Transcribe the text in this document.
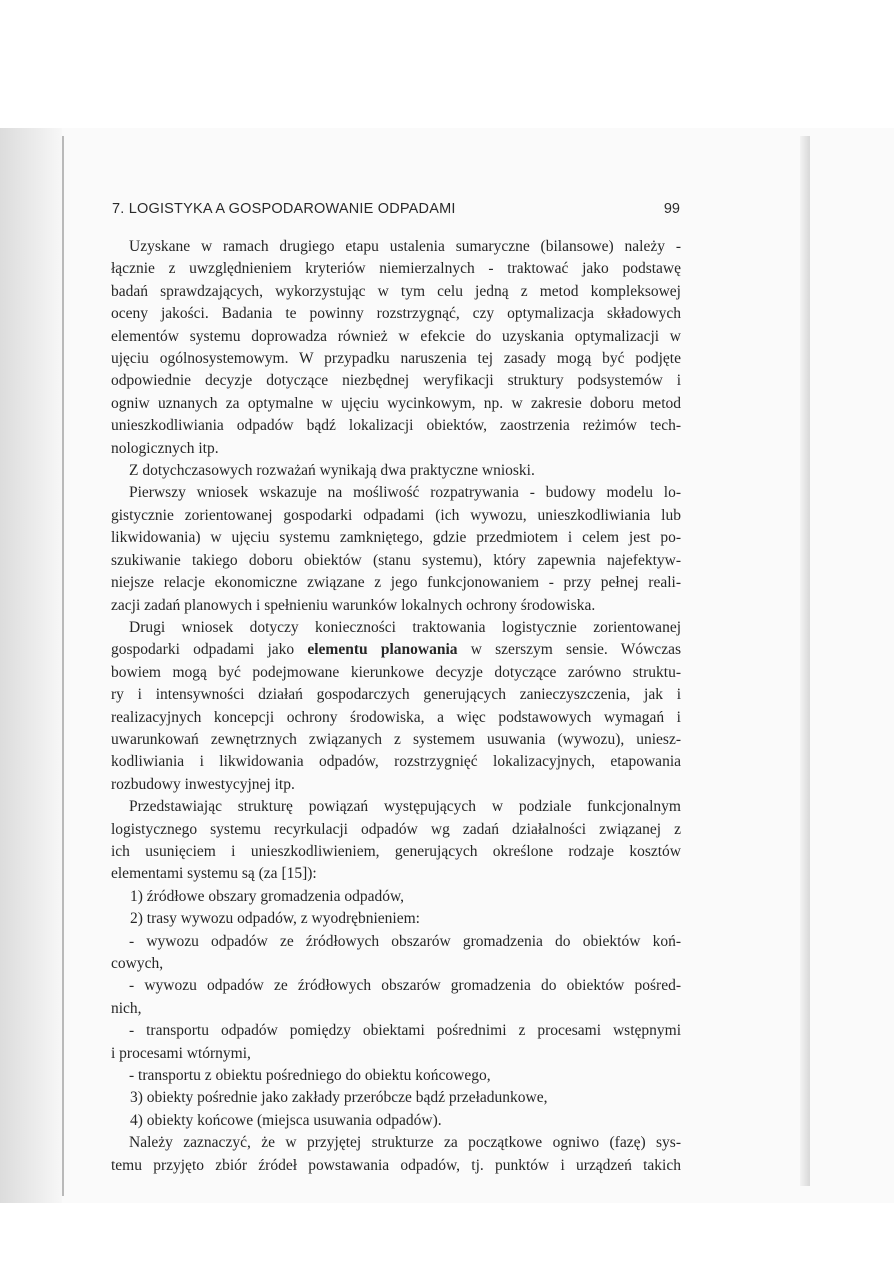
7. LOGISTYKA A GOSPODAROWANIE ODPADAMI	99
Uzyskane w ramach drugiego etapu ustalenia sumaryczne (bilansowe) należy -
łącznie z uwzględnieniem kryteriów niemierzalnych - traktować jako podstawę
badań sprawdzających, wykorzystując w tym celu jedną z metod kompleksowej
oceny jakości. Badania te powinny rozstrzygnąć, czy optymalizacja składowych
elementów systemu doprowadza również w efekcie do uzyskania optymalizacji w
ujęciu ogólnosystemowym. W przypadku naruszenia tej zasady mogą być podjęte
odpowiednie decyzje dotyczące niezbędnej weryfikacji struktury podsystemów i
ogniw uznanych za optymalne w ujęciu wycinkowym, np. w zakresie doboru metod
unieszkodliwiania odpadów bądź lokalizacji obiektów, zaostrzenia reżimów tech-
nologicznych itp.
Z dotychczasowych rozważań wynikają dwa praktyczne wnioski.
Pierwszy wniosek wskazuje na mośliwość rozpatrywania - budowy modelu lo-
gistycznie zorientowanej gospodarki odpadami (ich wywozu, unieszkodliwiania lub
likwidowania) w ujęciu systemu zamkniętego, gdzie przedmiotem i celem jest po-
szukiwanie takiego doboru obiektów (stanu systemu), który zapewnia najefektyw-
niejsze relacje ekonomiczne związane z jego funkcjonowaniem - przy pełnej reali-
zacji zadań planowych i spełnieniu warunków lokalnych ochrony środowiska.
Drugi wniosek dotyczy konieczności traktowania logistycznie zorientowanej
gospodarki odpadami jako elementu planowania w szerszym sensie. Wówczas
bowiem mogą być podejmowane kierunkowe decyzje dotyczące zarówno struktu-
ry i intensywności działań gospodarczych generujących zanieczyszczenia, jak i
realizacyjnych koncepcji ochrony środowiska, a więc podstawowych wymagań i
uwarunkowań zewnętrznych związanych z systemem usuwania (wywozu), uniesz-
kodliwiania i likwidowania odpadów, rozstrzygnięć lokalizacyjnych, etapowania
rozbudowy inwestycyjnej itp.
Przedstawiając strukturę powiązań występujących w podziale funkcjonalnym
logistycznego systemu recyrkulacji odpadów wg zadań działalności związanej z
ich usunięciem i unieszkodliwieniem, generujących określone rodzaje kosztów
elementami systemu są (za [15]):
1) źródłowe obszary gromadzenia odpadów,
2) trasy wywozu odpadów, z wyodrębnieniem:
- wywozu odpadów ze źródłowych obszarów gromadzenia do obiektów koń-
cowych,
- wywozu odpadów ze źródłowych obszarów gromadzenia do obiektów pośred-
nich,
- transportu odpadów pomiędzy obiektami pośrednimi z procesami wstępnymi
i procesami wtórnymi,
- transportu z obiektu pośredniego do obiektu końcowego,
3) obiekty pośrednie jako zakłady przeróbcze bądź przeładunkowe,
4) obiekty końcowe (miejsca usuwania odpadów).
Należy zaznaczyć, że w przyjętej strukturze za początkowe ogniwo (fazę) sys-
temu przyjęto zbiór źródeł powstawania odpadów, tj. punktów i urządzeń takich
